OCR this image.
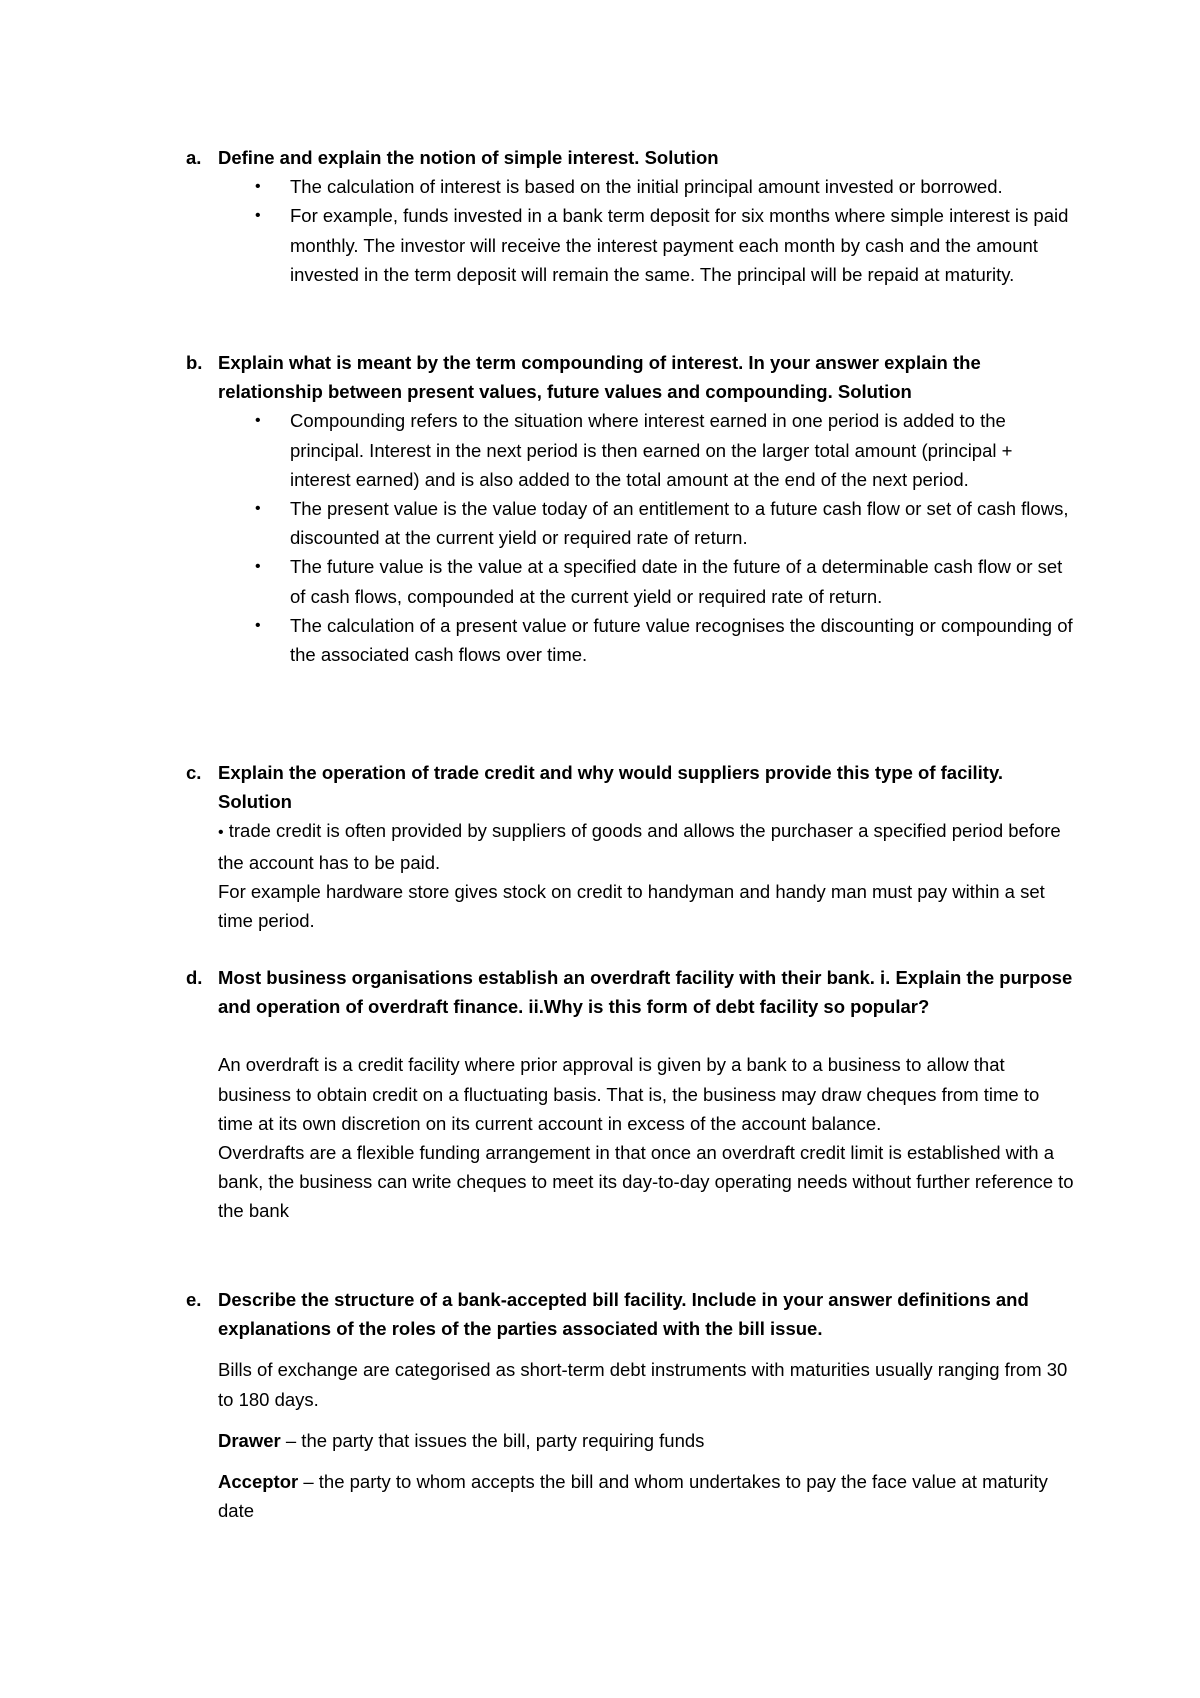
a. Define and explain the notion of simple interest. Solution
• The calculation of interest is based on the initial principal amount invested or borrowed.
• For example, funds invested in a bank term deposit for six months where simple interest is paid monthly. The investor will receive the interest payment each month by cash and the amount invested in the term deposit will remain the same. The principal will be repaid at maturity.
b. Explain what is meant by the term compounding of interest. In your answer explain the relationship between present values, future values and compounding. Solution
• Compounding refers to the situation where interest earned in one period is added to the principal. Interest in the next period is then earned on the larger total amount (principal + interest earned) and is also added to the total amount at the end of the next period.
• The present value is the value today of an entitlement to a future cash flow or set of cash flows, discounted at the current yield or required rate of return.
• The future value is the value at a specified date in the future of a determinable cash flow or set of cash flows, compounded at the current yield or required rate of return.
• The calculation of a present value or future value recognises the discounting or compounding of the associated cash flows over time.
c. Explain the operation of trade credit and why would suppliers provide this type of facility. Solution
• trade credit is often provided by suppliers of goods and allows the purchaser a specified period before the account has to be paid.
For example hardware store gives stock on credit to handyman and handy man must pay within a set time period.
d. Most business organisations establish an overdraft facility with their bank. i. Explain the purpose and operation of overdraft finance. ii.Why is this form of debt facility so popular?
An overdraft is a credit facility where prior approval is given by a bank to a business to allow that business to obtain credit on a fluctuating basis. That is, the business may draw cheques from time to time at its own discretion on its current account in excess of the account balance.
Overdrafts are a flexible funding arrangement in that once an overdraft credit limit is established with a bank, the business can write cheques to meet its day-to-day operating needs without further reference to the bank
e. Describe the structure of a bank-accepted bill facility. Include in your answer definitions and explanations of the roles of the parties associated with the bill issue.
Bills of exchange are categorised as short-term debt instruments with maturities usually ranging from 30 to 180 days.
Drawer – the party that issues the bill, party requiring funds
Acceptor – the party to whom accepts the bill and whom undertakes to pay the face value at maturity date
